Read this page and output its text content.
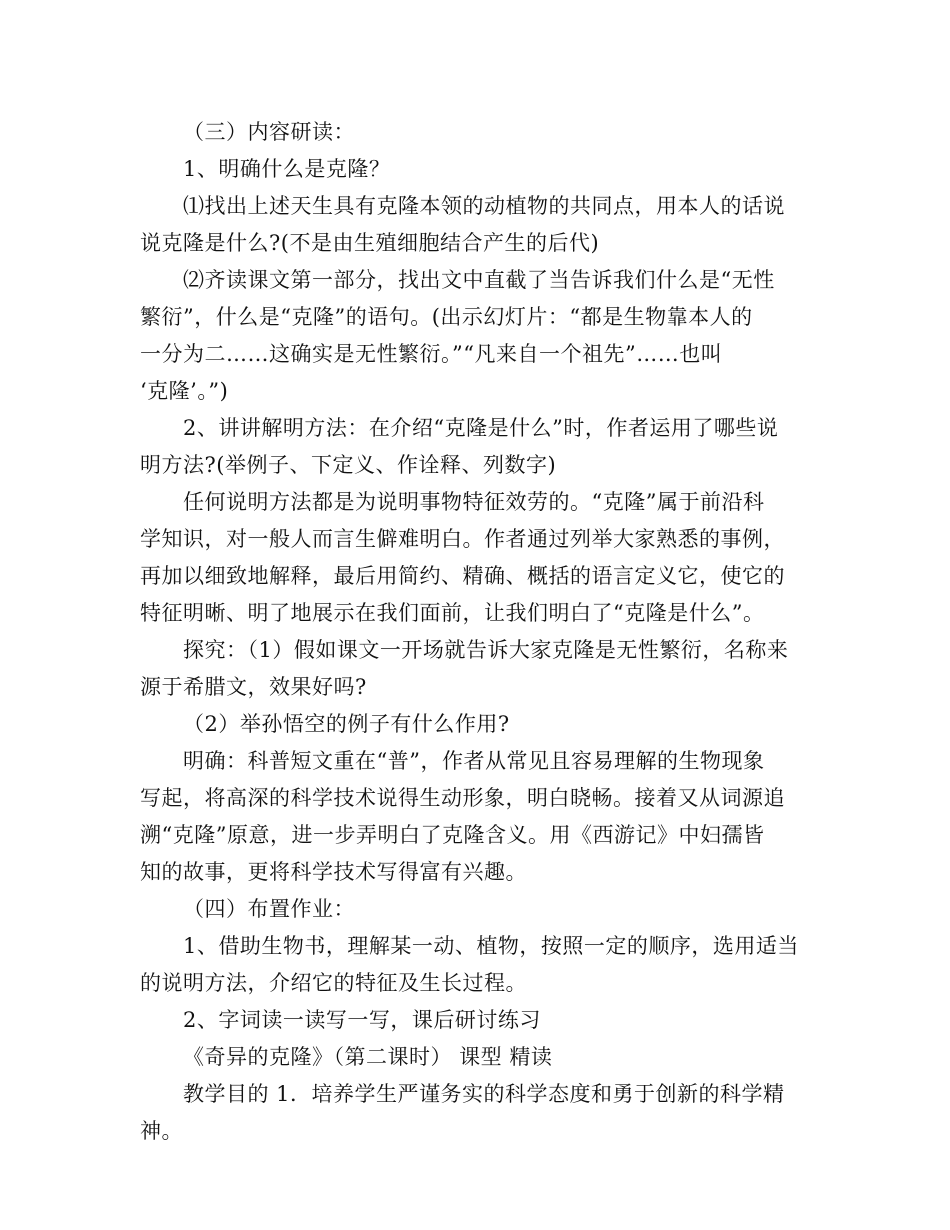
（三）内容研读：
1、明确什么是克隆？
⑴找出上述天生具有克隆本领的动植物的共同点，用本人的话说
说克隆是什么?(不是由生殖细胞结合产生的后代)
⑵齐读课文第一部分，找出文中直截了当告诉我们什么是“无性
繁衍”，什么是“克隆”的语句。(出示幻灯片：“都是生物靠本人的
一分为二……这确实是无性繁衍。”“凡来自一个祖先”……也叫
‘克隆’。”)
2、讲讲解明方法：在介绍“克隆是什么”时，作者运用了哪些说
明方法?(举例子、下定义、作诠释、列数字)
任何说明方法都是为说明事物特征效劳的。“克隆”属于前沿科
学知识，对一般人而言生僻难明白。作者通过列举大家熟悉的事例，
再加以细致地解释，最后用简约、精确、概括的语言定义它，使它的
特征明晰、明了地展示在我们面前，让我们明白了“克隆是什么”。
探究：（1）假如课文一开场就告诉大家克隆是无性繁衍，名称来
源于希腊文，效果好吗?
（2）举孙悟空的例子有什么作用?
明确：科普短文重在“普”，作者从常见且容易理解的生物现象
写起，将高深的科学技术说得生动形象，明白晓畅。接着又从词源追
溯“克隆”原意，进一步弄明白了克隆含义。用《西游记》中妇孺皆
知的故事，更将科学技术写得富有兴趣。
（四）布置作业：
1、借助生物书，理解某一动、植物，按照一定的顺序，选用适当
的说明方法，介绍它的特征及生长过程。
2、字词读一读写一写，课后研讨练习
《奇异的克隆》（第二课时） 课型 精读
教学目的 1．培养学生严谨务实的科学态度和勇于创新的科学精
神。
